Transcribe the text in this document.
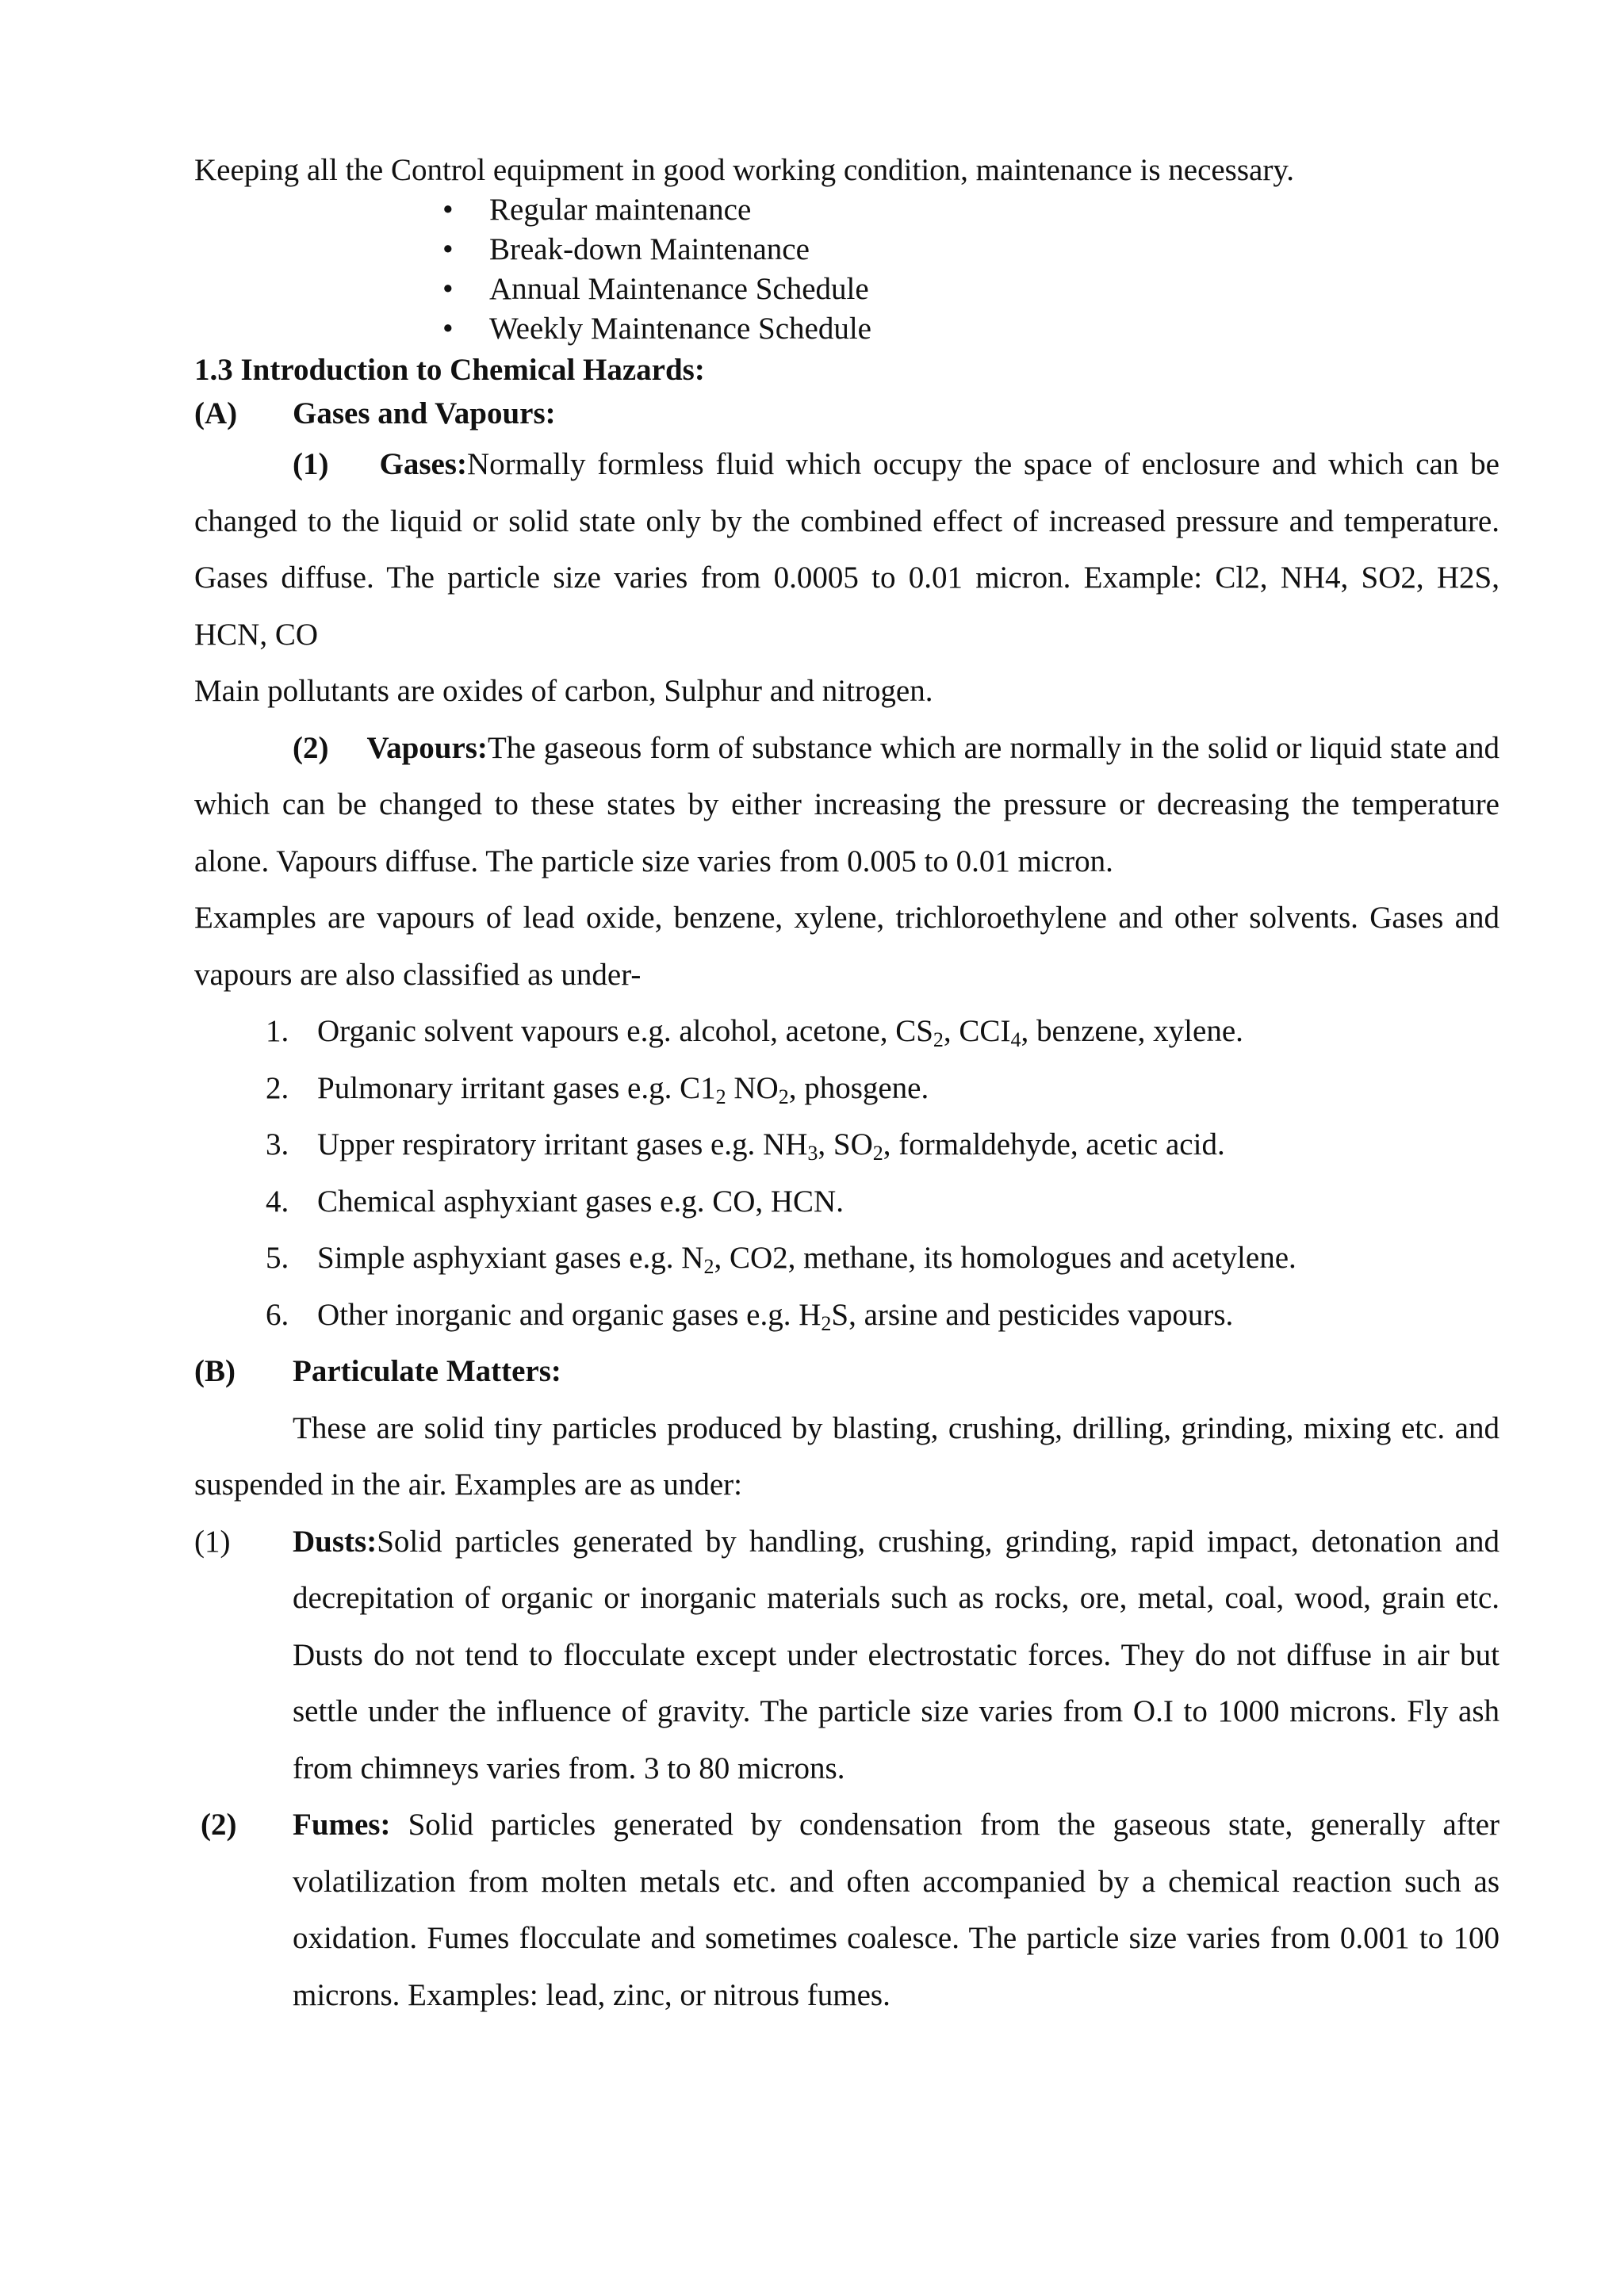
Keeping all the Control equipment in good working condition, maintenance is necessary.

• Regular maintenance
• Break-down Maintenance
• Annual Maintenance Schedule
• Weekly Maintenance Schedule

1.3 Introduction to Chemical Hazards:

(A)	Gases and Vapours:

(1) Gases:Normally formless fluid which occupy the space of enclosure and which can be changed to the liquid or solid state only by the combined effect of increased pressure and temperature. Gases diffuse. The particle size varies from 0.0005 to 0.01 micron. Example: Cl2, NH4, SO2, H2S, HCN, CO

Main pollutants are oxides of carbon, Sulphur and nitrogen.

(2) Vapours:The gaseous form of substance which are normally in the solid or liquid state and which can be changed to these states by either increasing the pressure or decreasing the temperature alone. Vapours diffuse. The particle size varies from 0.005 to 0.01 micron.

Examples are vapours of lead oxide, benzene, xylene, trichloroethylene and other solvents. Gases and vapours are also classified as under-

1. Organic solvent vapours e.g. alcohol, acetone, $CS_2$, $CCI_4$, benzene, xylene.
2. Pulmonary irritant gases e.g. $C1_2$ $NO_2$, phosgene.
3. Upper respiratory irritant gases e.g. $NH_3$, $SO_2$, formaldehyde, acetic acid.
4. Chemical asphyxiant gases e.g. CO, HCN.
5. Simple asphyxiant gases e.g. $N_2$, CO2, methane, its homologues and acetylene.
6. Other inorganic and organic gases e.g. $H_2S$, arsine and pesticides vapours.
(B)	Particulate Matters:

These are solid tiny particles produced by blasting, crushing, drilling, grinding, mixing etc. and suspended in the air. Examples are as under:

(1)	Dusts:Solid particles generated by handling, crushing, grinding, rapid impact, detonation and decrepitation of organic or inorganic materials such as rocks, ore, metal, coal, wood, grain etc. Dusts do not tend to flocculate except under electrostatic forces. They do not diffuse in air but settle under the influence of gravity. The particle size varies from O.I to 1000 microns. Fly ash from chimneys varies from. 3 to 80 microns.
(2)	Fumes: Solid particles generated by condensation from the gaseous state, generally after volatilization from molten metals etc. and often accompanied by a chemical reaction such as oxidation. Fumes flocculate and sometimes coalesce. The particle size varies from 0.001 to 100 microns. Examples: lead, zinc, or nitrous fumes.
